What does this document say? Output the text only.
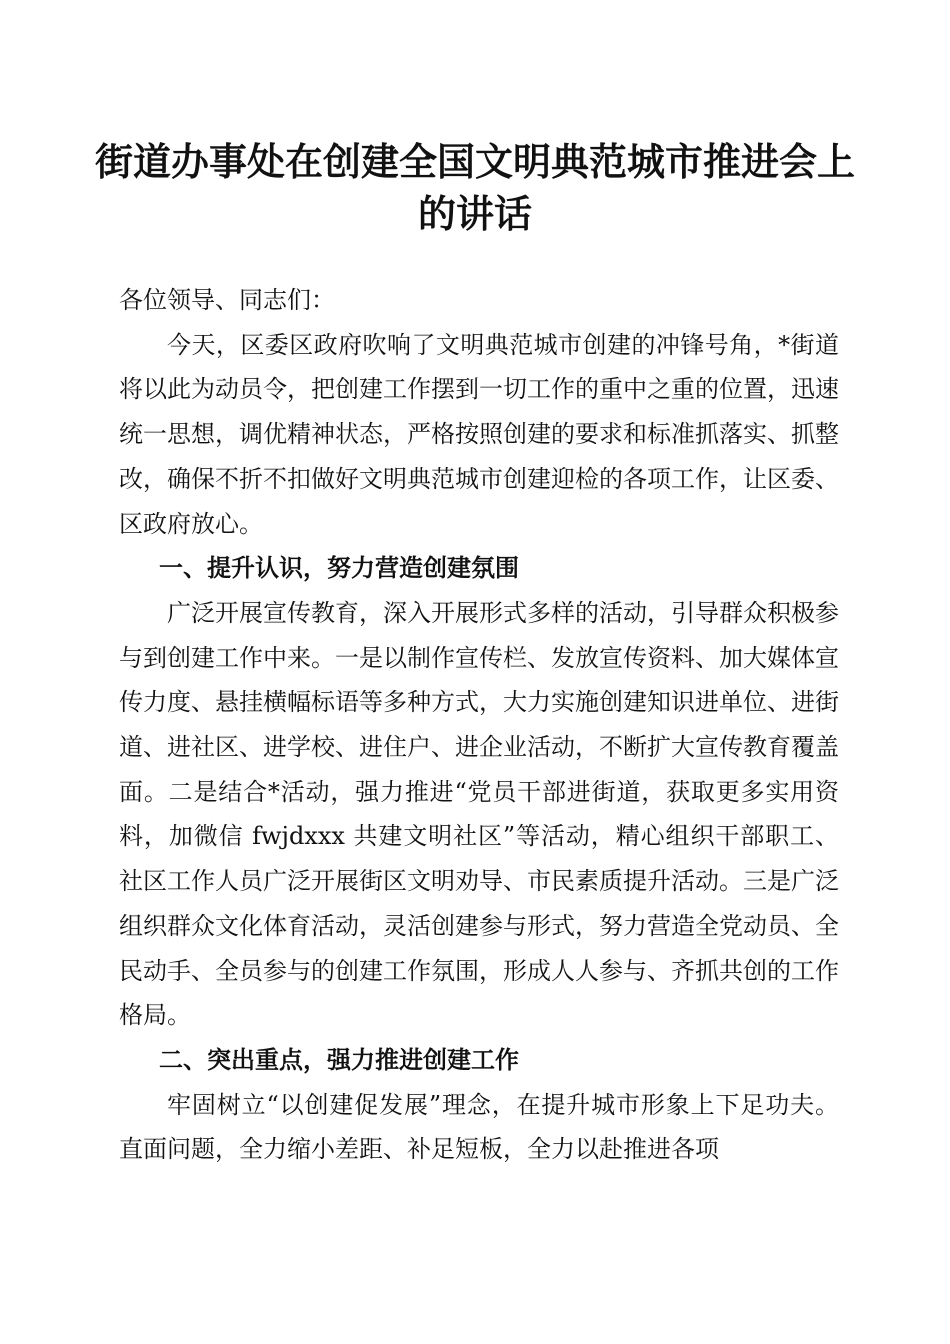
街道办事处在创建全国文明典范城市推进会上的讲话

各位领导、同志们：

今天，区委区政府吹响了文明典范城市创建的冲锋号角，*街道将以此为动员令，把创建工作摆到一切工作的重中之重的位置，迅速统一思想，调优精神状态，严格按照创建的要求和标准抓落实、抓整改，确保不折不扣做好文明典范城市创建迎检的各项工作，让区委、区政府放心。

一、提升认识，努力营造创建氛围

广泛开展宣传教育，深入开展形式多样的活动，引导群众积极参与到创建工作中来。一是以制作宣传栏、发放宣传资料、加大媒体宣传力度、悬挂横幅标语等多种方式，大力实施创建知识进单位、进街道、进社区、进学校、进住户、进企业活动，不断扩大宣传教育覆盖面。二是结合*活动，强力推进“党员干部进街道，获取更多实用资料，加微信 fwjdxxx 共建文明社区”等活动，精心组织干部职工、社区工作人员广泛开展街区文明劝导、市民素质提升活动。三是广泛组织群众文化体育活动，灵活创建参与形式，努力营造全党动员、全民动手、全员参与的创建工作氛围，形成人人参与、齐抓共创的工作格局。

二、突出重点，强力推进创建工作

牢固树立“以创建促发展”理念，在提升城市形象上下足功夫。直面问题，全力缩小差距、补足短板，全力以赴推进各项
